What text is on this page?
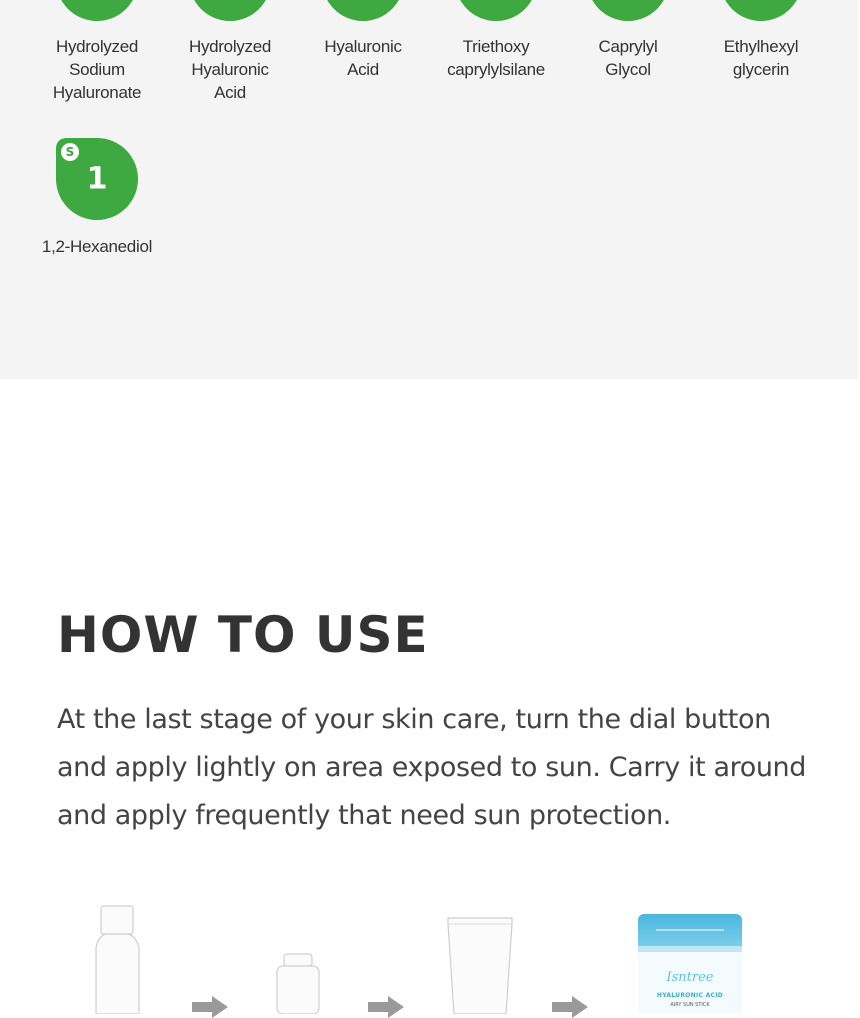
Hydrolyzed
Sodium
Hyaluronate
Hydrolyzed
Hyaluronic
Acid
Hyaluronic
Acid
Triethoxy
caprylylsilane
Caprylyl
Glycol
Ethylhexyl
glycerin
S
1
1,2-Hexanediol
HOW TO USE

At the last stage of your skin care, turn the dial button and apply lightly on area exposed to sun. Carry it around and apply frequently that need sun protection.

Isntree
HYALURONIC ACID
AIRY SUN STICK
